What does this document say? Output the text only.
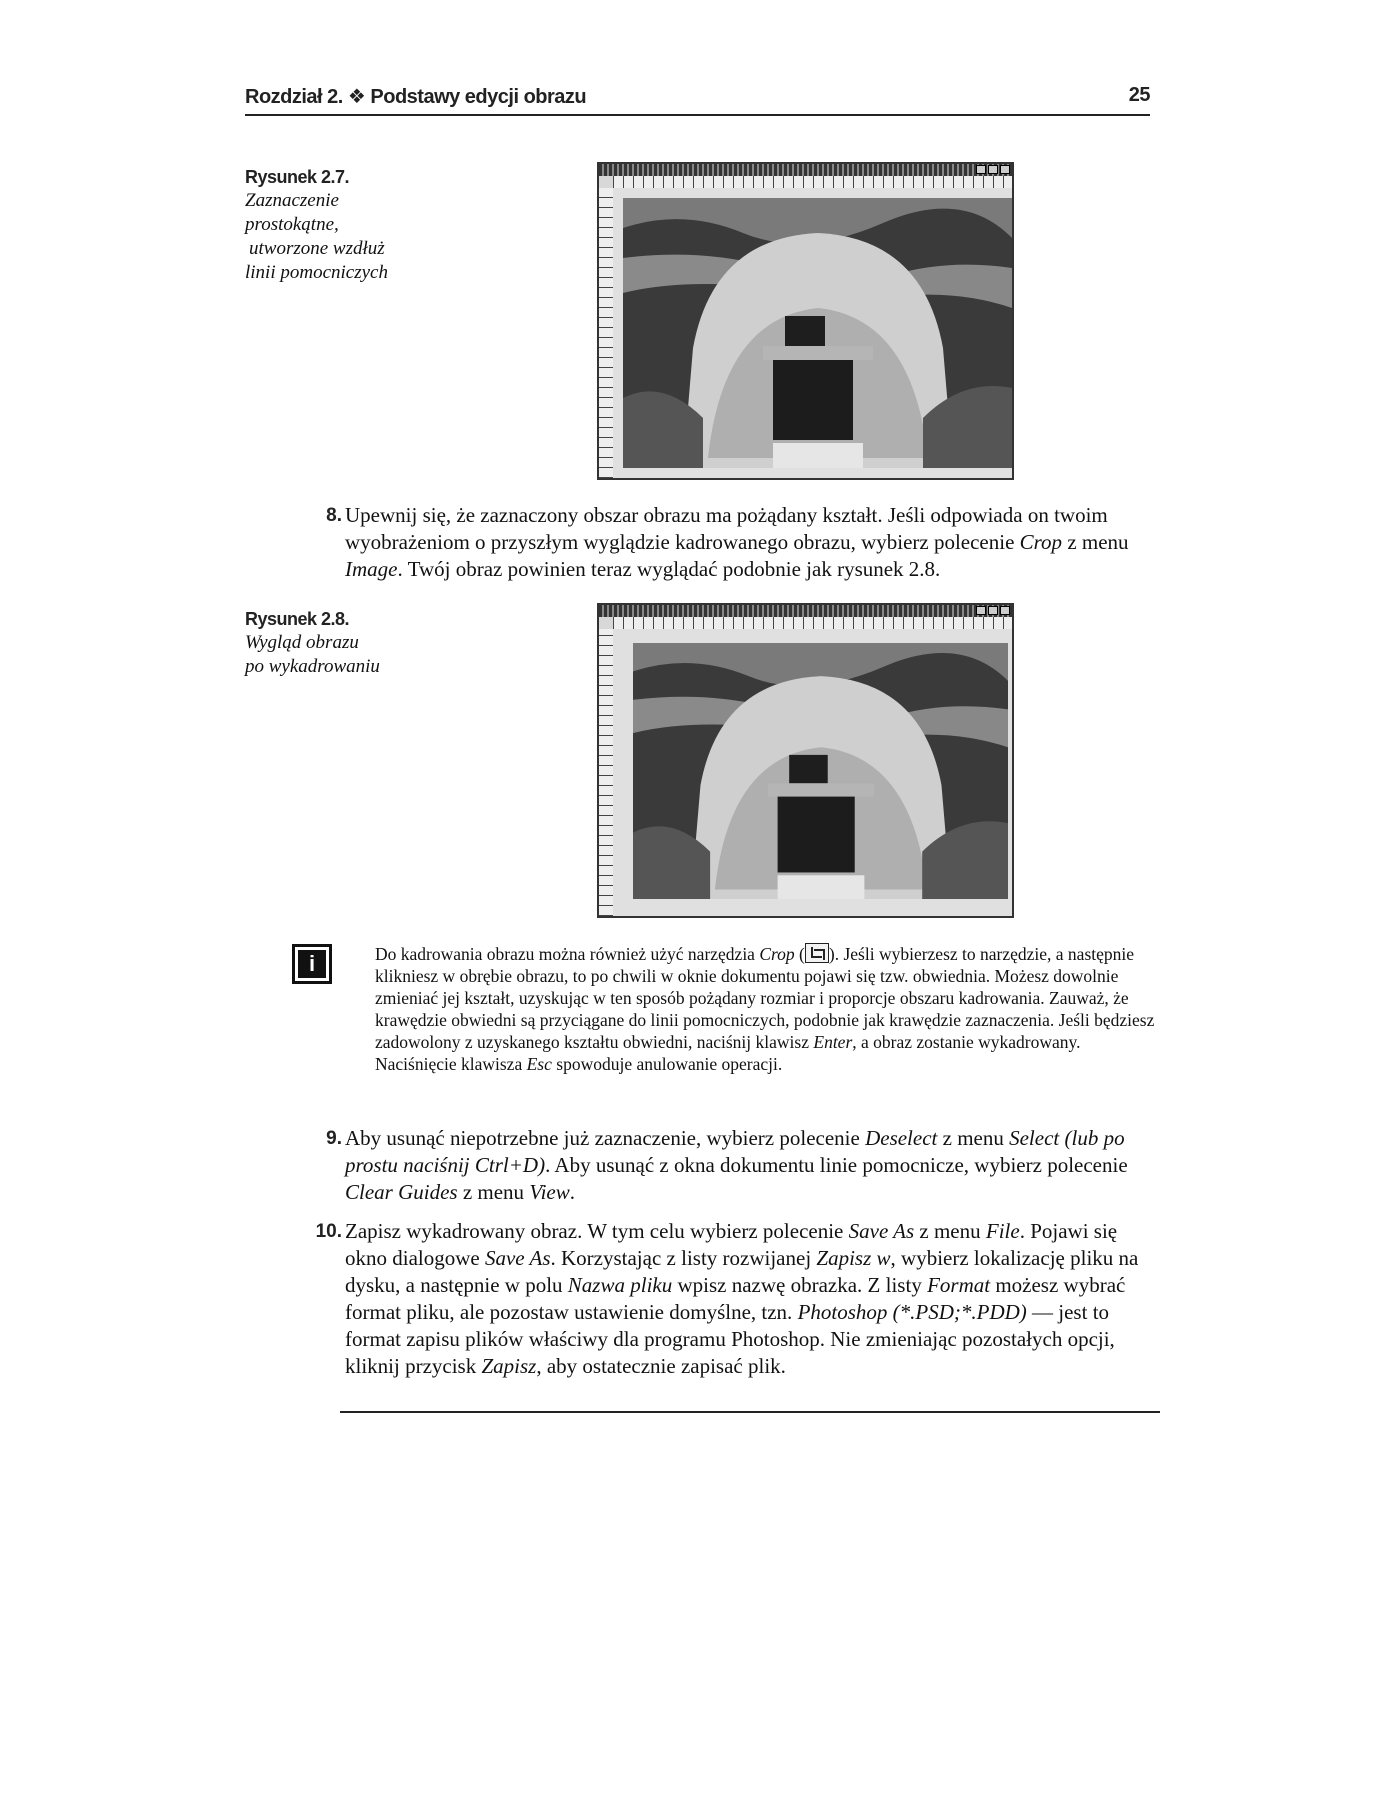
Rozdział 2. ❖ Podstawy edycji obrazu	25
Rysunek 2.7.
Zaznaczenie
prostokątne,
utworzone wzdłuż
linii pomocniczych
8. Upewnij się, że zaznaczony obszar obrazu ma pożądany kształt. Jeśli odpowiada on twoim wyobrażeniom o przyszłym wyglądzie kadrowanego obrazu, wybierz polecenie Crop z menu Image. Twój obraz powinien teraz wyglądać podobnie jak rysunek 2.8.
Rysunek 2.8.
Wygląd obrazu
po wykadrowaniu
i	Do kadrowania obrazu można również użyć narzędzia Crop ( ). Jeśli wybierzesz to narzędzie, a następnie klikniesz w obrębie obrazu, to po chwili w oknie dokumentu pojawi się tzw. obwiednia. Możesz dowolnie zmieniać jej kształt, uzyskując w ten sposób pożądany rozmiar i proporcje obszaru kadrowania. Zauważ, że krawędzie obwiedni są przyciągane do linii pomocniczych, podobnie jak krawędzie zaznaczenia. Jeśli będziesz zadowolony z uzyskanego kształtu obwiedni, naciśnij klawisz Enter, a obraz zostanie wykadrowany. Naciśnięcie klawisza Esc spowoduje anulowanie operacji.
9. Aby usunąć niepotrzebne już zaznaczenie, wybierz polecenie Deselect z menu Select (lub po prostu naciśnij Ctrl+D). Aby usunąć z okna dokumentu linie pomocnicze, wybierz polecenie Clear Guides z menu View.
10. Zapisz wykadrowany obraz. W tym celu wybierz polecenie Save As z menu File. Pojawi się okno dialogowe Save As. Korzystając z listy rozwijanej Zapisz w, wybierz lokalizację pliku na dysku, a następnie w polu Nazwa pliku wpisz nazwę obrazka. Z listy Format możesz wybrać format pliku, ale pozostaw ustawienie domyślne, tzn. Photoshop (*.PSD;*.PDD) — jest to format zapisu plików właściwy dla programu Photoshop. Nie zmieniając pozostałych opcji, kliknij przycisk Zapisz, aby ostatecznie zapisać plik.
